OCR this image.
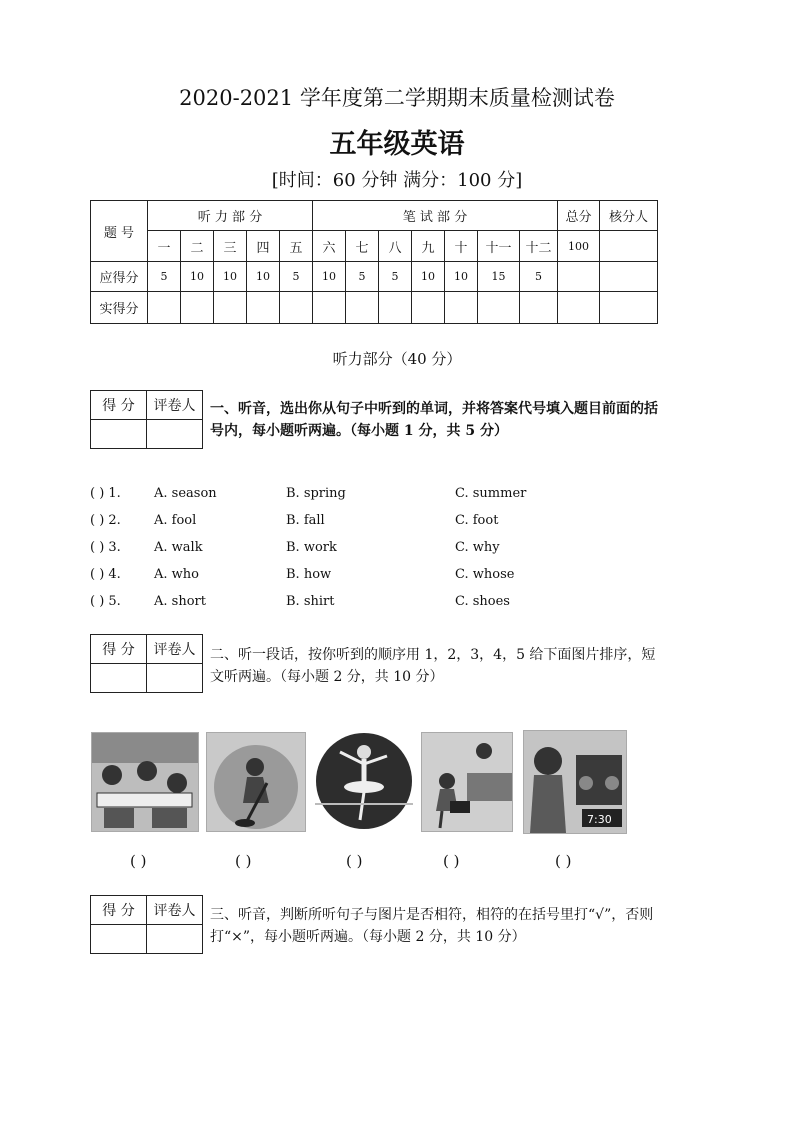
2020-2021 学年度第二学期期末质量检测试卷
五年级英语
[时间：60 分钟 满分：100 分]
题 号	听 力 部 分					笔 试 部 分							总分	核分人
	一	二	三	四	五	六	七	八	九	十	十一	十二	100	
应得分	5	10	10	10	5	10	5	5	10	10	15	5		
实得分														
听力部分（40 分）
得 分	评卷人
	一、听音，选出你从句子中听到的单词，并将答案代号填入题目前面的括号内，每小题听两遍。（每小题 1 分，共 5 分）
( ) 1.	A. season	B. spring	C. summer
( ) 2.	A. fool	B. fall	C. foot
( ) 3.	A. walk	B. work	C. why
( ) 4.	A. who	B. how	C. whose
( ) 5.	A. short	B. shirt	C. shoes
得 分	评卷人
	二、听一段话，按你听到的顺序用 1，2，3，4，5 给下面图片排序，短文听两遍。（每小题 2 分，共 10 分）
7:30
( )	( )	( )	( )	( )
得 分	评卷人
	三、听音，判断所听句子与图片是否相符，相符的在括号里打“√”，否则打“×”，每小题听两遍。（每小题 2 分，共 10 分）
